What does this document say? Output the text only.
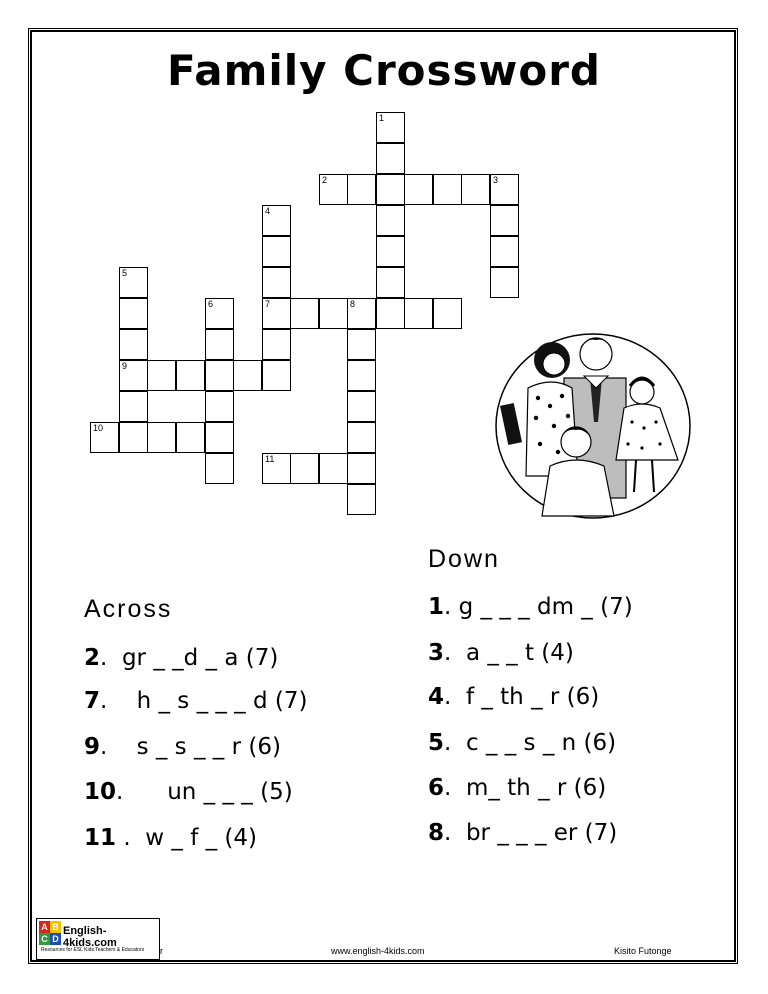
Family Crossword
1
2	3
4
7	8
11
5
9
6
10
Down
1. g _ _ _ dm _ (7)
3.  a _ _ t (4)
4.  f _ th _ r (6)
5.  c _ _ s _ n (6)
6.  m_ th _ r (6)
8.  br _ _ _ er (7)
Across
2.  gr _ _d _ a (7)
7.    h _ s _ _ _ d (7)
9.    s _ s _ _ r (6)
10.      un _ _ _ (5)
11 .  w _ f _ (4)
A B
C D
English-4kids.com
Resources for ESL Kids Teachers & Educators r	www.english-4kids.com	Kisito Futonge
